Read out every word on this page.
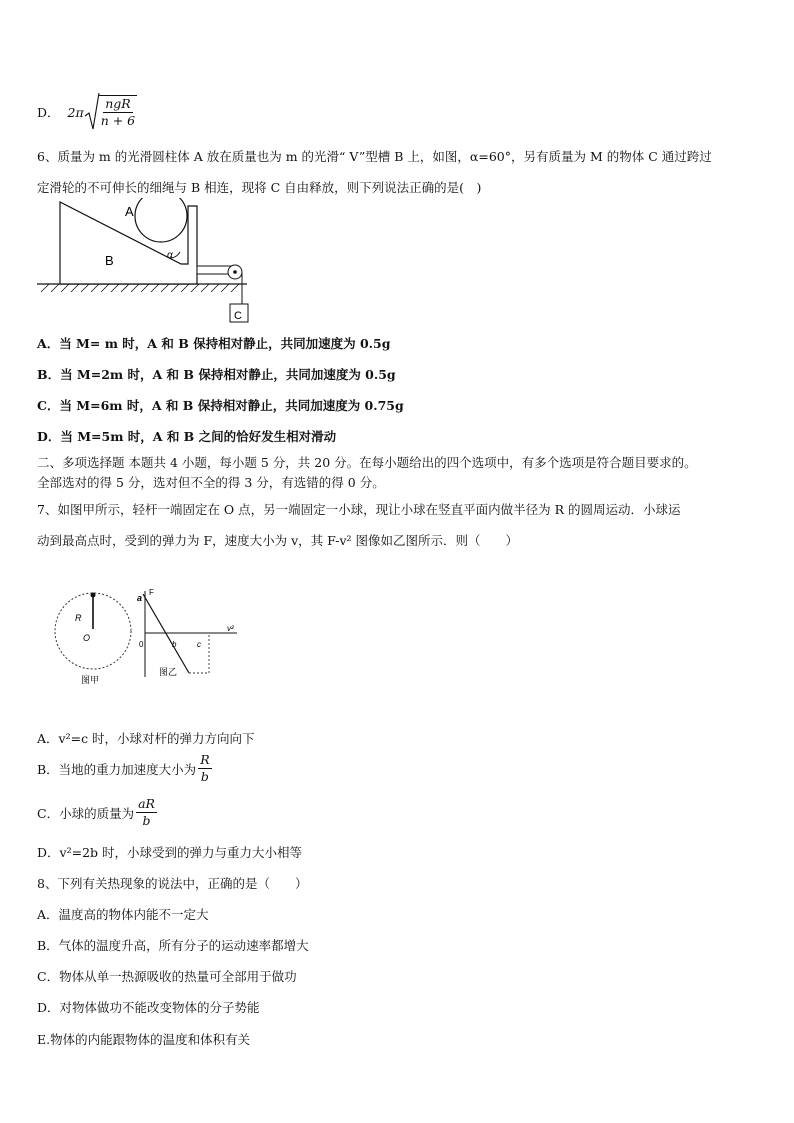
D． $2\pi \frac{\text{ngR}}{n + 6}$
6、质量为 m 的光滑圆柱体 A 放在质量也为 m 的光滑“ V”型槽 B 上，如图，α=60°，另有质量为 M 的物体 C 通过跨过
定滑轮的不可伸长的细绳与 B 相连，现将 C 自由释放，则下列说法正确的是(　)
A
B
C
α
A．当 M= m 时，A 和 B 保持相对静止，共同加速度为 0.5g
B．当 M=2m 时，A 和 B 保持相对静止，共同加速度为 0.5g
C．当 M=6m 时，A 和 B 保持相对静止，共同加速度为 0.75g
D．当 M=5m 时，A 和 B 之间的恰好发生相对滑动
二、多项选择题 本题共 4 小题，每小题 5 分，共 20 分。在每小题给出的四个选项中，有多个选项是符合题目要求的。
全部选对的得 5 分，选对但不全的得 3 分，有选错的得 0 分。
7、如图甲所示，轻杆一端固定在 O 点，另一端固定一小球，现让小球在竖直平面内做半径为 R 的圆周运动．小球运
动到最高点时，受到的弹力为 F，速度大小为 v，其 F-v² 图像如乙图所示．则（　　）
R
O
图甲
F
a
v²
0	b	c
图乙
A．v²=c 时，小球对杆的弹力方向向下
B．当地的重力加速度大小为 $\frac{R}{b}$
C．小球的质量为 $\frac{aR}{b}$
D．v²=2b 时，小球受到的弹力与重力大小相等
8、下列有关热现象的说法中，正确的是（　　）
A．温度高的物体内能不一定大
B．气体的温度升高，所有分子的运动速率都增大
C．物体从单一热源吸收的热量可全部用于做功
D．对物体做功不能改变物体的分子势能
E.物体的内能跟物体的温度和体积有关
